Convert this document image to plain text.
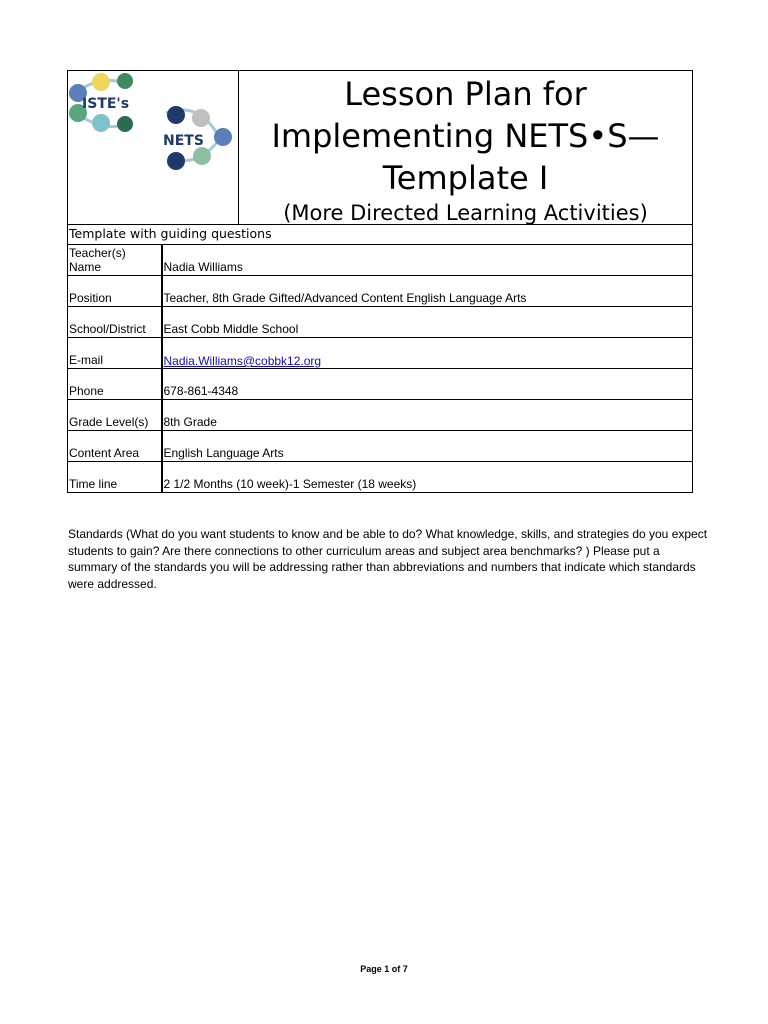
ISTE's
NETS

Lesson Plan for
Implementing NETS•S—
Template I

(More Directed Learning Activities)

Template with guiding questions
Teacher(s) Name	Nadia Williams
Position	Teacher, 8th Grade Gifted/Advanced Content English Language Arts
School/District	East Cobb Middle School
E-mail	Nadia.Williams@cobbk12.org
Phone	678-861-4348
Grade Level(s)	8th Grade
Content Area	English Language Arts
Time line	2 1/2 Months (10 week)-1 Semester (18 weeks)

Standards (What do you want students to know and be able to do? What knowledge, skills, and strategies do you expect students to gain? Are there connections to other curriculum areas and subject area benchmarks? ) Please put a summary of the standards you will be addressing rather than abbreviations and numbers that indicate which standards were addressed.

Page 1 of 7
